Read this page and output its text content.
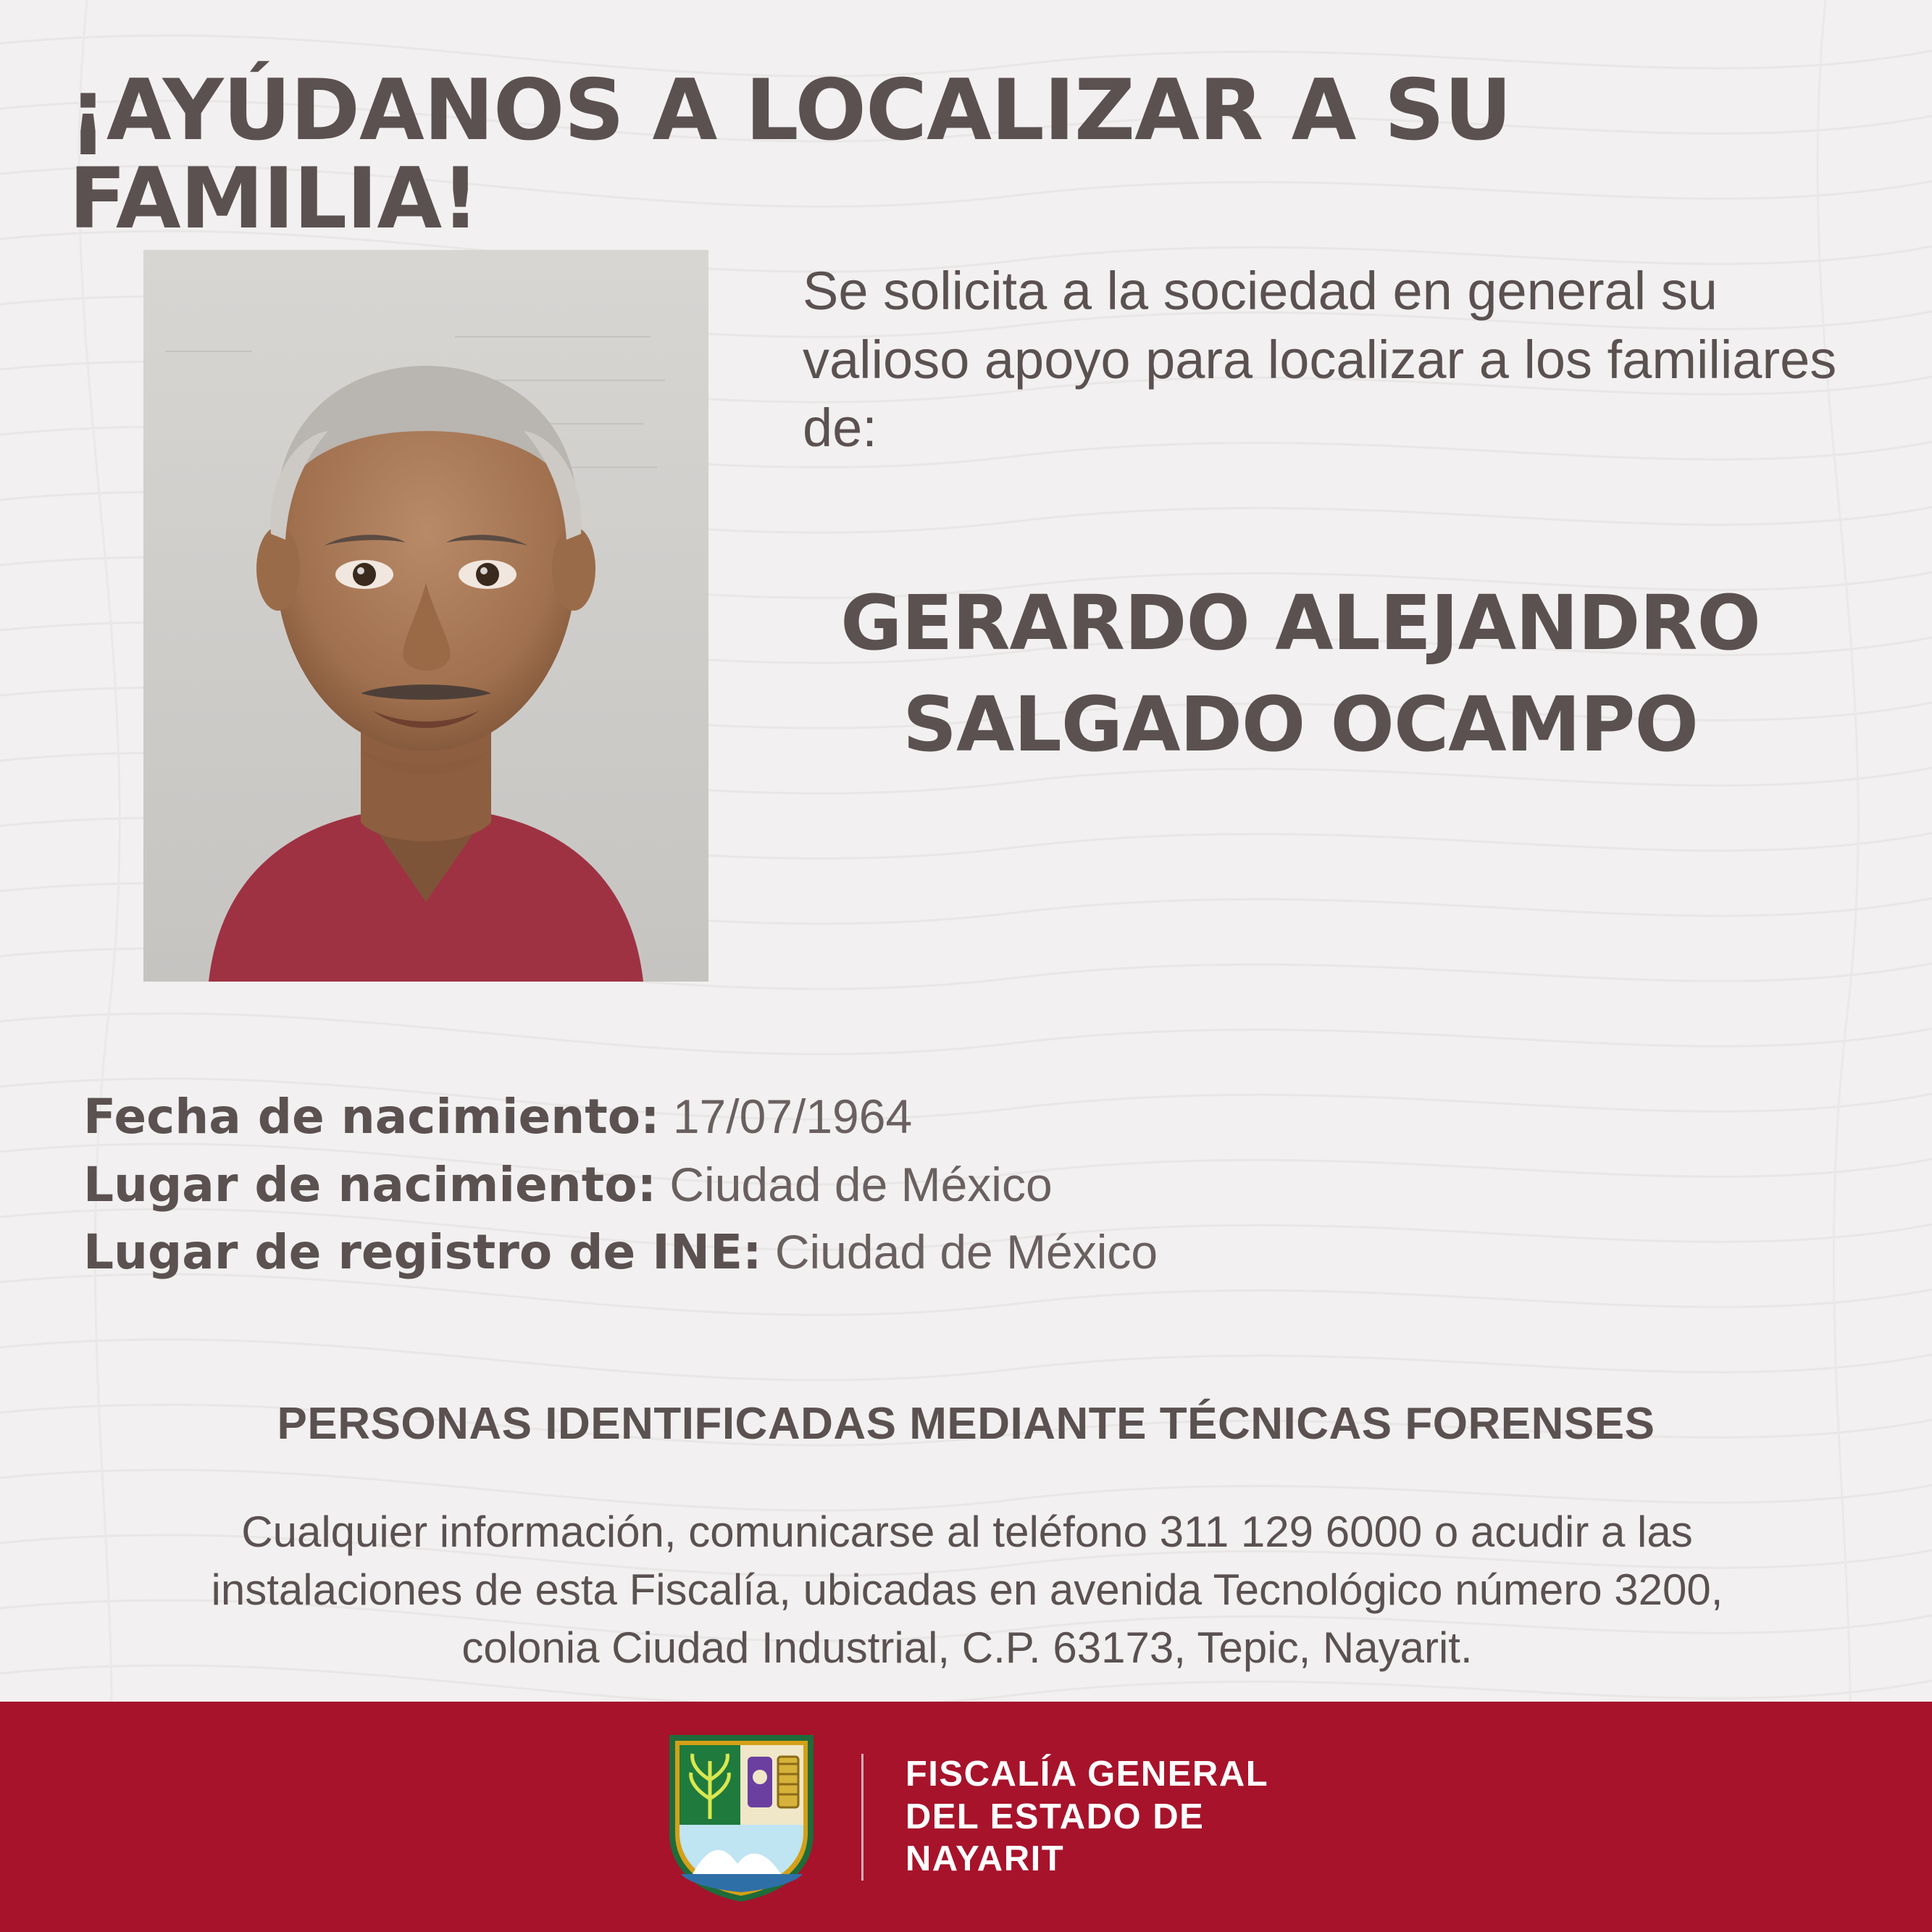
¡AYÚDANOS A LOCALIZAR A SU FAMILIA!
Se solicita a la sociedad en general su valioso apoyo para localizar a los familiares de:
GERARDO ALEJANDRO
SALGADO OCAMPO
Fecha de nacimiento: 17/07/1964
Lugar de nacimiento: Ciudad de México
Lugar de registro de INE: Ciudad de México
PERSONAS IDENTIFICADAS MEDIANTE TÉCNICAS FORENSES
Cualquier información, comunicarse al teléfono 311 129 6000 o acudir a las
instalaciones de esta Fiscalía, ubicadas en avenida Tecnológico número 3200,
colonia Ciudad Industrial, C.P. 63173, Tepic, Nayarit.
FISCALÍA GENERAL
DEL ESTADO DE
NAYARIT
